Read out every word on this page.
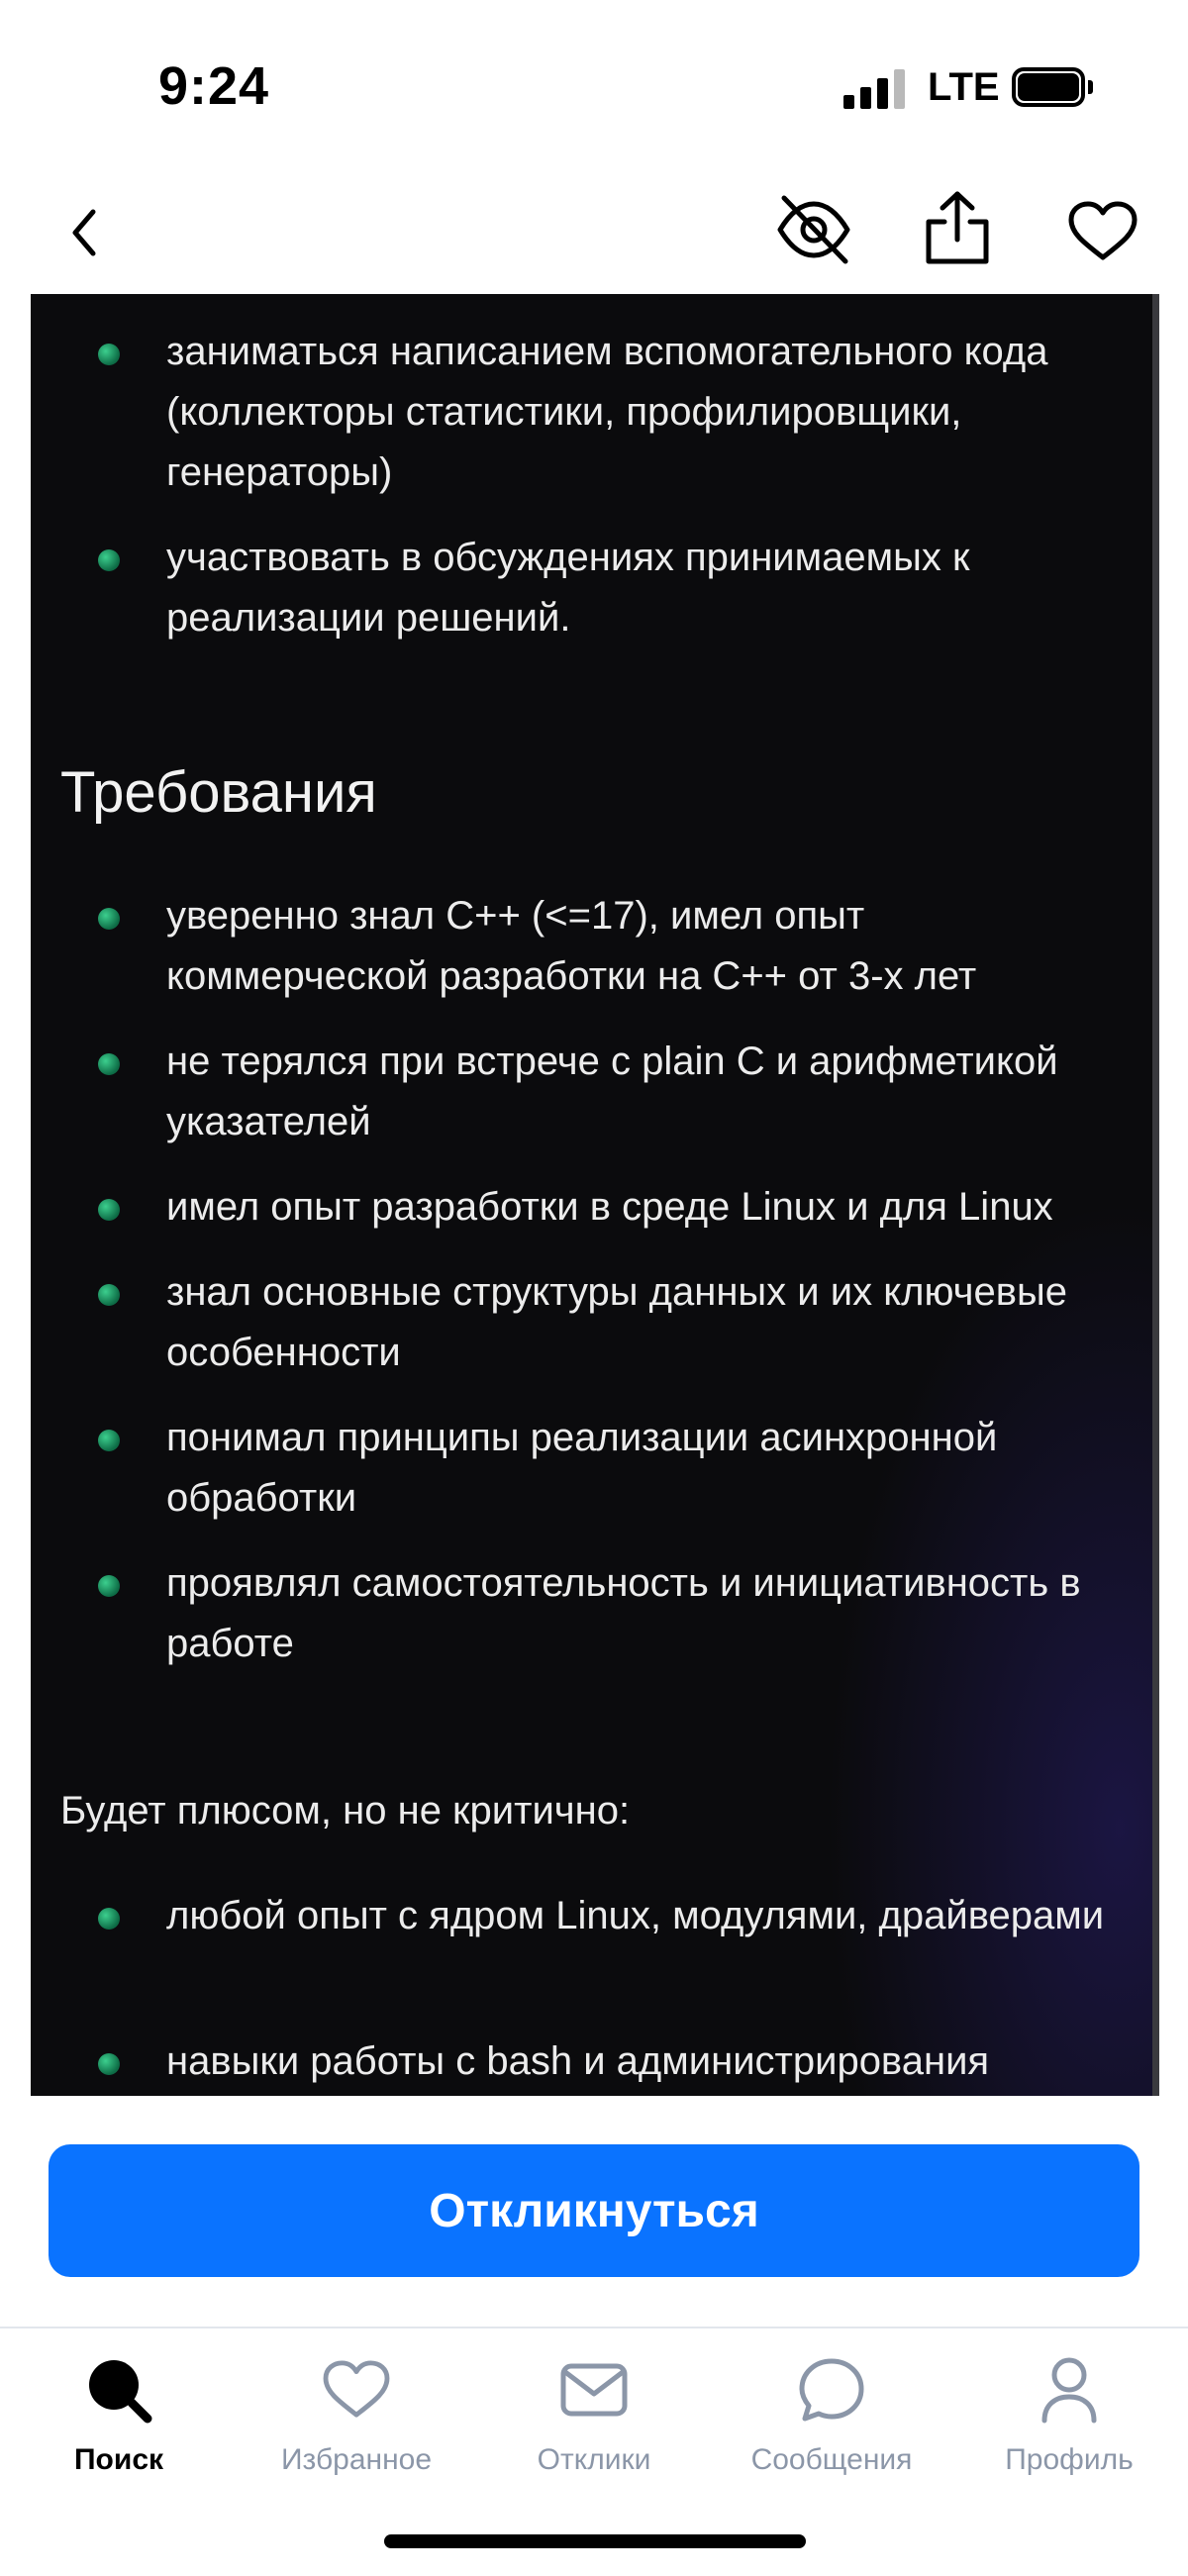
9:24	LTE
заниматься написанием вспомогательного кода (коллекторы статистики, профилировщики, генераторы)
участвовать в обсуждениях принимаемых к реализации решений.
Требования
уверенно знал C++ (<=17), имел опыт коммерческой разработки на C++ от 3-х лет
не терялся при встрече с plain C и арифметикой указателей
имел опыт разработки в среде Linux и для Linux
знал основные структуры данных и их ключевые особенности
понимал принципы реализации асинхронной обработки
проявлял самостоятельность и инициативность в работе
Будет плюсом, но не критично:
любой опыт с ядром Linux, модулями, драйверами
навыки работы с bash и администрирования
Откликнуться
Поиск	Избранное	Отклики	Сообщения	Профиль
